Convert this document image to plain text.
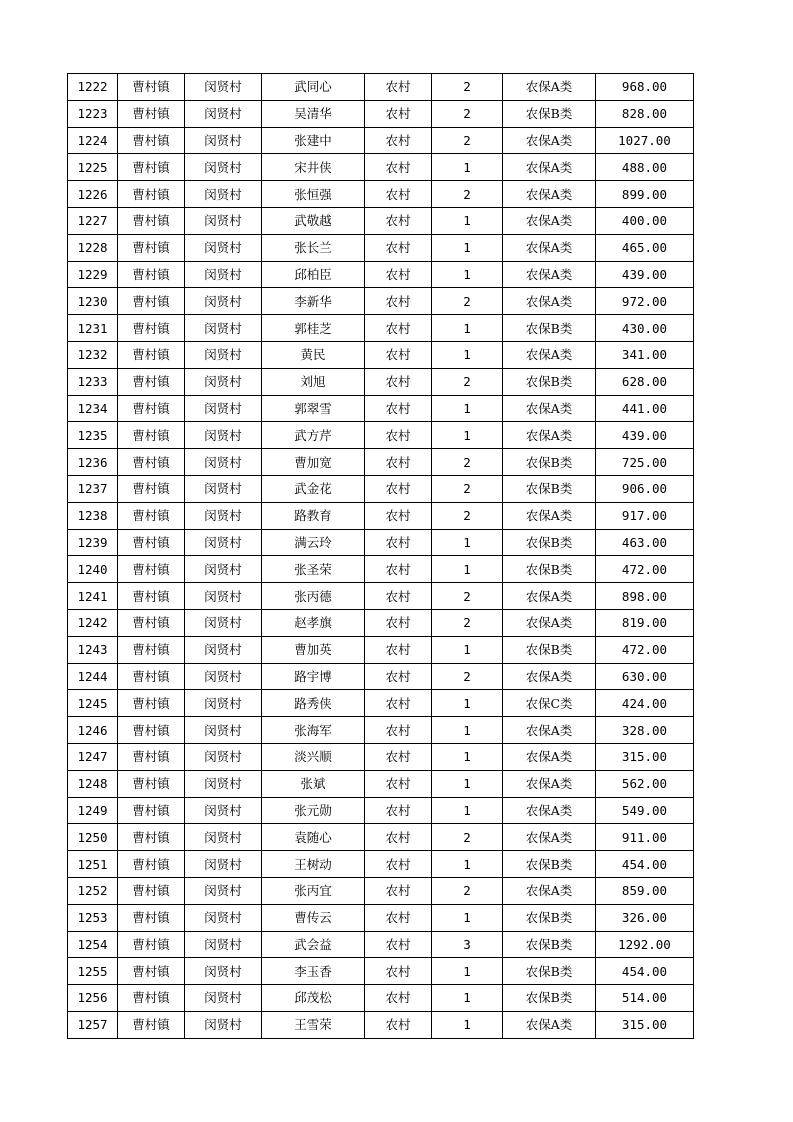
1222	曹村镇	闵贤村	武同心	农村	2	农保A类	968.00
1223	曹村镇	闵贤村	吴清华	农村	2	农保B类	828.00
1224	曹村镇	闵贤村	张建中	农村	2	农保A类	1027.00
1225	曹村镇	闵贤村	宋井侠	农村	1	农保A类	488.00
1226	曹村镇	闵贤村	张恒强	农村	2	农保A类	899.00
1227	曹村镇	闵贤村	武敬越	农村	1	农保A类	400.00
1228	曹村镇	闵贤村	张长兰	农村	1	农保A类	465.00
1229	曹村镇	闵贤村	邱柏臣	农村	1	农保A类	439.00
1230	曹村镇	闵贤村	李新华	农村	2	农保A类	972.00
1231	曹村镇	闵贤村	郭桂芝	农村	1	农保B类	430.00
1232	曹村镇	闵贤村	黄民	农村	1	农保A类	341.00
1233	曹村镇	闵贤村	刘旭	农村	2	农保B类	628.00
1234	曹村镇	闵贤村	郭翠雪	农村	1	农保A类	441.00
1235	曹村镇	闵贤村	武方芹	农村	1	农保A类	439.00
1236	曹村镇	闵贤村	曹加宽	农村	2	农保B类	725.00
1237	曹村镇	闵贤村	武金花	农村	2	农保B类	906.00
1238	曹村镇	闵贤村	路教育	农村	2	农保A类	917.00
1239	曹村镇	闵贤村	满云玲	农村	1	农保B类	463.00
1240	曹村镇	闵贤村	张圣荣	农村	1	农保B类	472.00
1241	曹村镇	闵贤村	张丙德	农村	2	农保A类	898.00
1242	曹村镇	闵贤村	赵孝旗	农村	2	农保A类	819.00
1243	曹村镇	闵贤村	曹加英	农村	1	农保B类	472.00
1244	曹村镇	闵贤村	路宇博	农村	2	农保A类	630.00
1245	曹村镇	闵贤村	路秀侠	农村	1	农保C类	424.00
1246	曹村镇	闵贤村	张海军	农村	1	农保A类	328.00
1247	曹村镇	闵贤村	淡兴顺	农村	1	农保A类	315.00
1248	曹村镇	闵贤村	张斌	农村	1	农保A类	562.00
1249	曹村镇	闵贤村	张元勋	农村	1	农保A类	549.00
1250	曹村镇	闵贤村	袁随心	农村	2	农保A类	911.00
1251	曹村镇	闵贤村	王树动	农村	1	农保B类	454.00
1252	曹村镇	闵贤村	张丙宜	农村	2	农保A类	859.00
1253	曹村镇	闵贤村	曹传云	农村	1	农保B类	326.00
1254	曹村镇	闵贤村	武会益	农村	3	农保B类	1292.00
1255	曹村镇	闵贤村	李玉香	农村	1	农保B类	454.00
1256	曹村镇	闵贤村	邱茂松	农村	1	农保B类	514.00
1257	曹村镇	闵贤村	王雪荣	农村	1	农保A类	315.00
